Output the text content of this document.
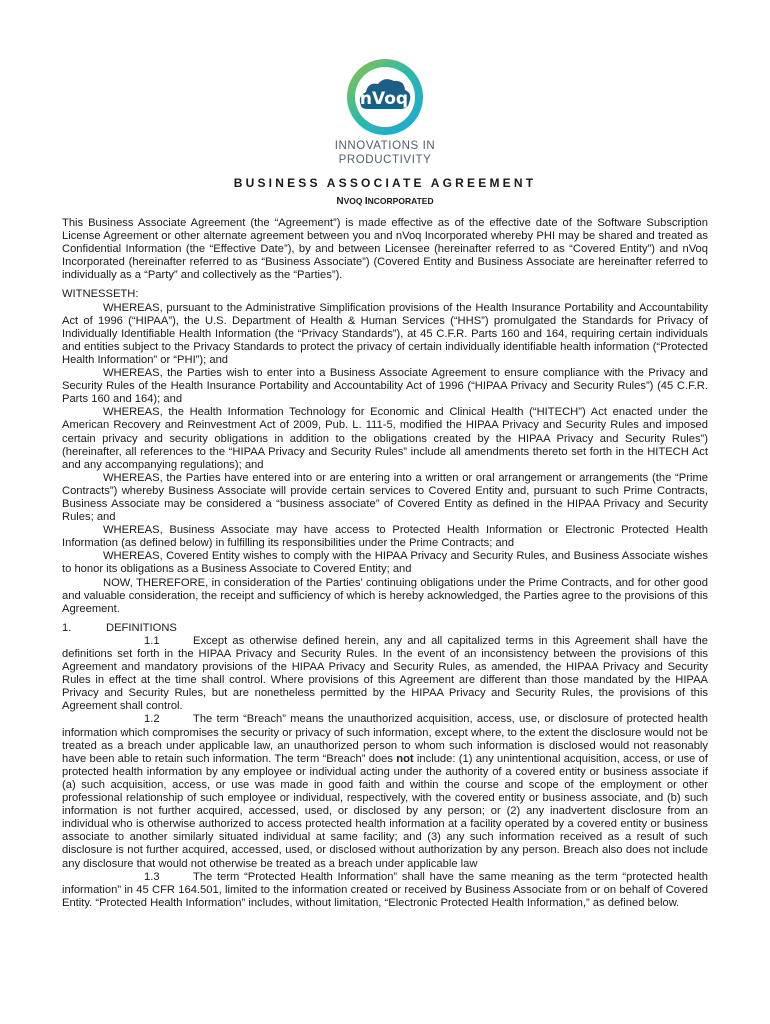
nVoq
INNOVATIONS IN
PRODUCTIVITY
BUSINESS ASSOCIATE AGREEMENT
NVOQ INCORPORATED

This Business Associate Agreement (the “Agreement”) is made effective as of the effective date of the Software Subscription License Agreement or other alternate agreement between you and nVoq Incorporated whereby PHI may be shared and treated as Confidential Information (the “Effective Date”), by and between Licensee (hereinafter referred to as “Covered Entity”) and nVoq Incorporated (hereinafter referred to as “Business Associate”) (Covered Entity and Business Associate are hereinafter referred to individually as a “Party” and collectively as the “Parties”).

WITNESSETH:

WHEREAS, pursuant to the Administrative Simplification provisions of the Health Insurance Portability and Accountability Act of 1996 (“HIPAA”), the U.S. Department of Health & Human Services (“HHS”) promulgated the Standards for Privacy of Individually Identifiable Health Information (the “Privacy Standards”), at 45 C.F.R. Parts 160 and 164, requiring certain individuals and entities subject to the Privacy Standards to protect the privacy of certain individually identifiable health information (“Protected Health Information” or “PHI”); and

WHEREAS, the Parties wish to enter into a Business Associate Agreement to ensure compliance with the Privacy and Security Rules of the Health Insurance Portability and Accountability Act of 1996 (“HIPAA Privacy and Security Rules”) (45 C.F.R. Parts 160 and 164); and

WHEREAS, the Health Information Technology for Economic and Clinical Health (“HITECH”) Act enacted under the American Recovery and Reinvestment Act of 2009, Pub. L. 111-5, modified the HIPAA Privacy and Security Rules and imposed certain privacy and security obligations in addition to the obligations created by the HIPAA Privacy and Security Rules”) (hereinafter, all references to the “HIPAA Privacy and Security Rules” include all amendments thereto set forth in the HITECH Act and any accompanying regulations); and

WHEREAS, the Parties have entered into or are entering into a written or oral arrangement or arrangements (the “Prime Contracts”) whereby Business Associate will provide certain services to Covered Entity and, pursuant to such Prime Contracts, Business Associate may be considered a “business associate” of Covered Entity as defined in the HIPAA Privacy and Security Rules; and

WHEREAS, Business Associate may have access to Protected Health Information or Electronic Protected Health Information (as defined below) in fulfilling its responsibilities under the Prime Contracts; and

WHEREAS, Covered Entity wishes to comply with the HIPAA Privacy and Security Rules, and Business Associate wishes to honor its obligations as a Business Associate to Covered Entity; and

NOW, THEREFORE, in consideration of the Parties’ continuing obligations under the Prime Contracts, and for other good and valuable consideration, the receipt and sufficiency of which is hereby acknowledged, the Parties agree to the provisions of this Agreement.

1.	DEFINITIONS

1.1	Except as otherwise defined herein, any and all capitalized terms in this Agreement shall have the definitions set forth in the HIPAA Privacy and Security Rules. In the event of an inconsistency between the provisions of this Agreement and mandatory provisions of the HIPAA Privacy and Security Rules, as amended, the HIPAA Privacy and Security Rules in effect at the time shall control. Where provisions of this Agreement are different than those mandated by the HIPAA Privacy and Security Rules, but are nonetheless permitted by the HIPAA Privacy and Security Rules, the provisions of this Agreement shall control.

1.2	The term “Breach” means the unauthorized acquisition, access, use, or disclosure of protected health information which compromises the security or privacy of such information, except where, to the extent the disclosure would not be treated as a breach under applicable law, an unauthorized person to whom such information is disclosed would not reasonably have been able to retain such information. The term “Breach” does not include: (1) any unintentional acquisition, access, or use of protected health information by any employee or individual acting under the authority of a covered entity or business associate if (a) such acquisition, access, or use was made in good faith and within the course and scope of the employment or other professional relationship of such employee or individual, respectively, with the covered entity or business associate, and (b) such information is not further acquired, accessed, used, or disclosed by any person; or (2) any inadvertent disclosure from an individual who is otherwise authorized to access protected health information at a facility operated by a covered entity or business associate to another similarly situated individual at same facility; and (3) any such information received as a result of such disclosure is not further acquired, accessed, used, or disclosed without authorization by any person. Breach also does not include any disclosure that would not otherwise be treated as a breach under applicable law

1.3	The term “Protected Health Information” shall have the same meaning as the term “protected health information” in 45 CFR 164.501, limited to the information created or received by Business Associate from or on behalf of Covered Entity. “Protected Health Information” includes, without limitation, “Electronic Protected Health Information,” as defined below.
